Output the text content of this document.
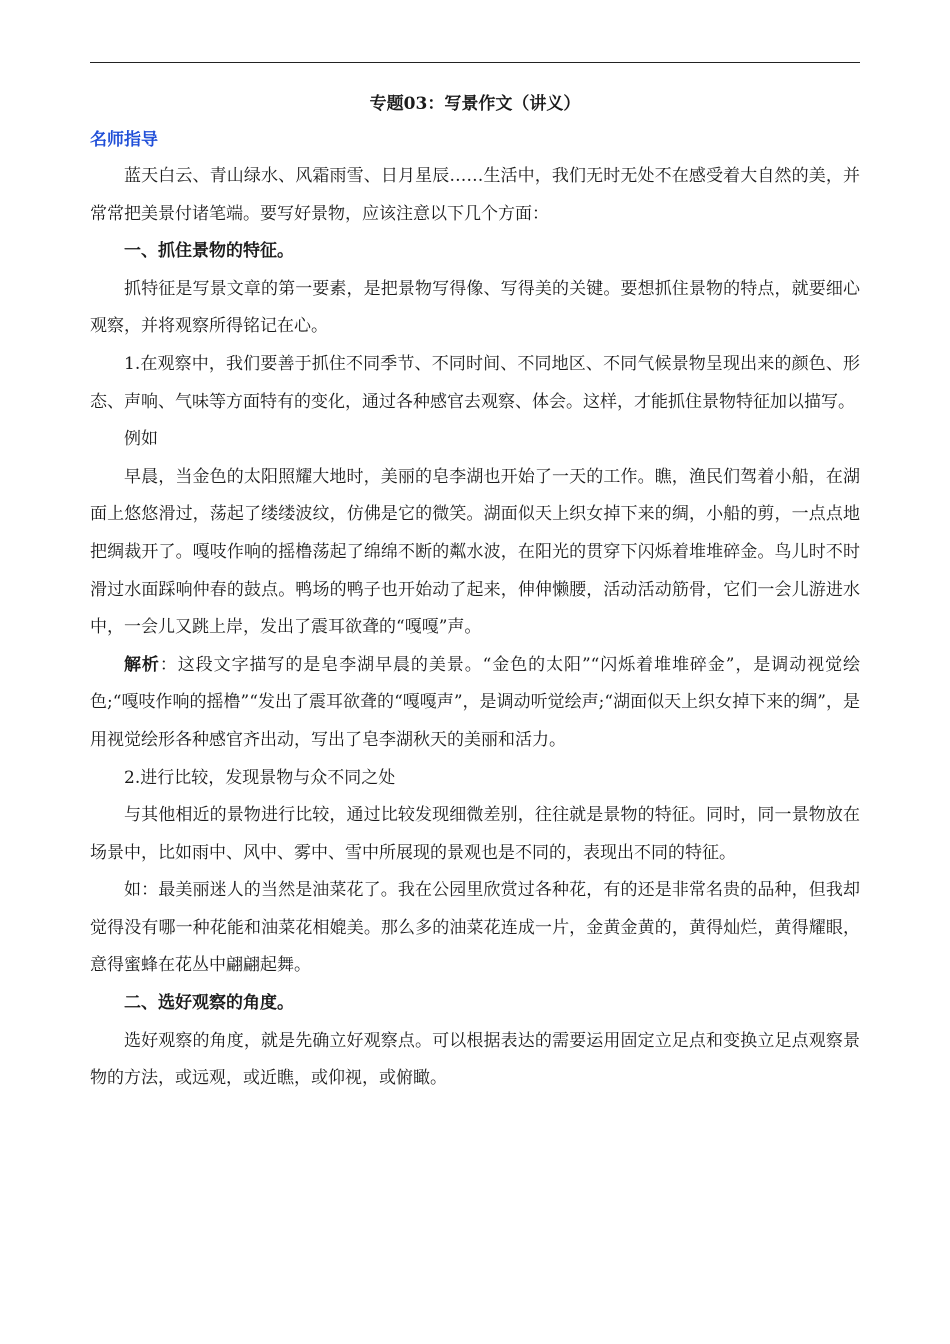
专题03：写景作文（讲义）
名师指导

蓝天白云、青山绿水、风霜雨雪、日月星辰……生活中，我们无时无处不在感受着大自然的美，并常常把美景付诸笔端。要写好景物，应该注意以下几个方面：

一、抓住景物的特征。

抓特征是写景文章的第一要素，是把景物写得像、写得美的关键。要想抓住景物的特点，就要细心观察，并将观察所得铭记在心。

1.在观察中，我们要善于抓住不同季节、不同时间、不同地区、不同气候景物呈现出来的颜色、形态、声响、气味等方面特有的变化，通过各种感官去观察、体会。这样，才能抓住景物特征加以描写。

例如

早晨，当金色的太阳照耀大地时，美丽的皂李湖也开始了一天的工作。瞧，渔民们驾着小船，在湖面上悠悠滑过，荡起了缕缕波纹，仿佛是它的微笑。湖面似天上织女掉下来的绸，小船的剪，一点点地把绸裁开了。嘎吱作响的摇橹荡起了绵绵不断的粼水波，在阳光的贯穿下闪烁着堆堆碎金。鸟儿时不时滑过水面踩响仲春的鼓点。鸭场的鸭子也开始动了起来，伸伸懒腰，活动活动筋骨，它们一会儿游进水中，一会儿又跳上岸，发出了震耳欲聋的“嘎嘎”声。

解析：这段文字描写的是皂李湖早晨的美景。“金色的太阳”“闪烁着堆堆碎金”，是调动视觉绘色;“嘎吱作响的摇橹”“发出了震耳欲聋的“嘎嘎声”，是调动听觉绘声;“湖面似天上织女掉下来的绸”，是用视觉绘形各种感官齐出动，写出了皂李湖秋天的美丽和活力。

2.进行比较，发现景物与众不同之处

与其他相近的景物进行比较，通过比较发现细微差别，往往就是景物的特征。同时，同一景物放在场景中，比如雨中、风中、雾中、雪中所展现的景观也是不同的，表现出不同的特征。

如：最美丽迷人的当然是油菜花了。我在公园里欣赏过各种花，有的还是非常名贵的品种，但我却觉得没有哪一种花能和油菜花相媲美。那么多的油菜花连成一片，金黄金黄的，黄得灿烂，黄得耀眼，意得蜜蜂在花丛中翩翩起舞。

二、选好观察的角度。

选好观察的角度，就是先确立好观察点。可以根据表达的需要运用固定立足点和变换立足点观察景物的方法，或远观，或近瞧，或仰视，或俯瞰。
